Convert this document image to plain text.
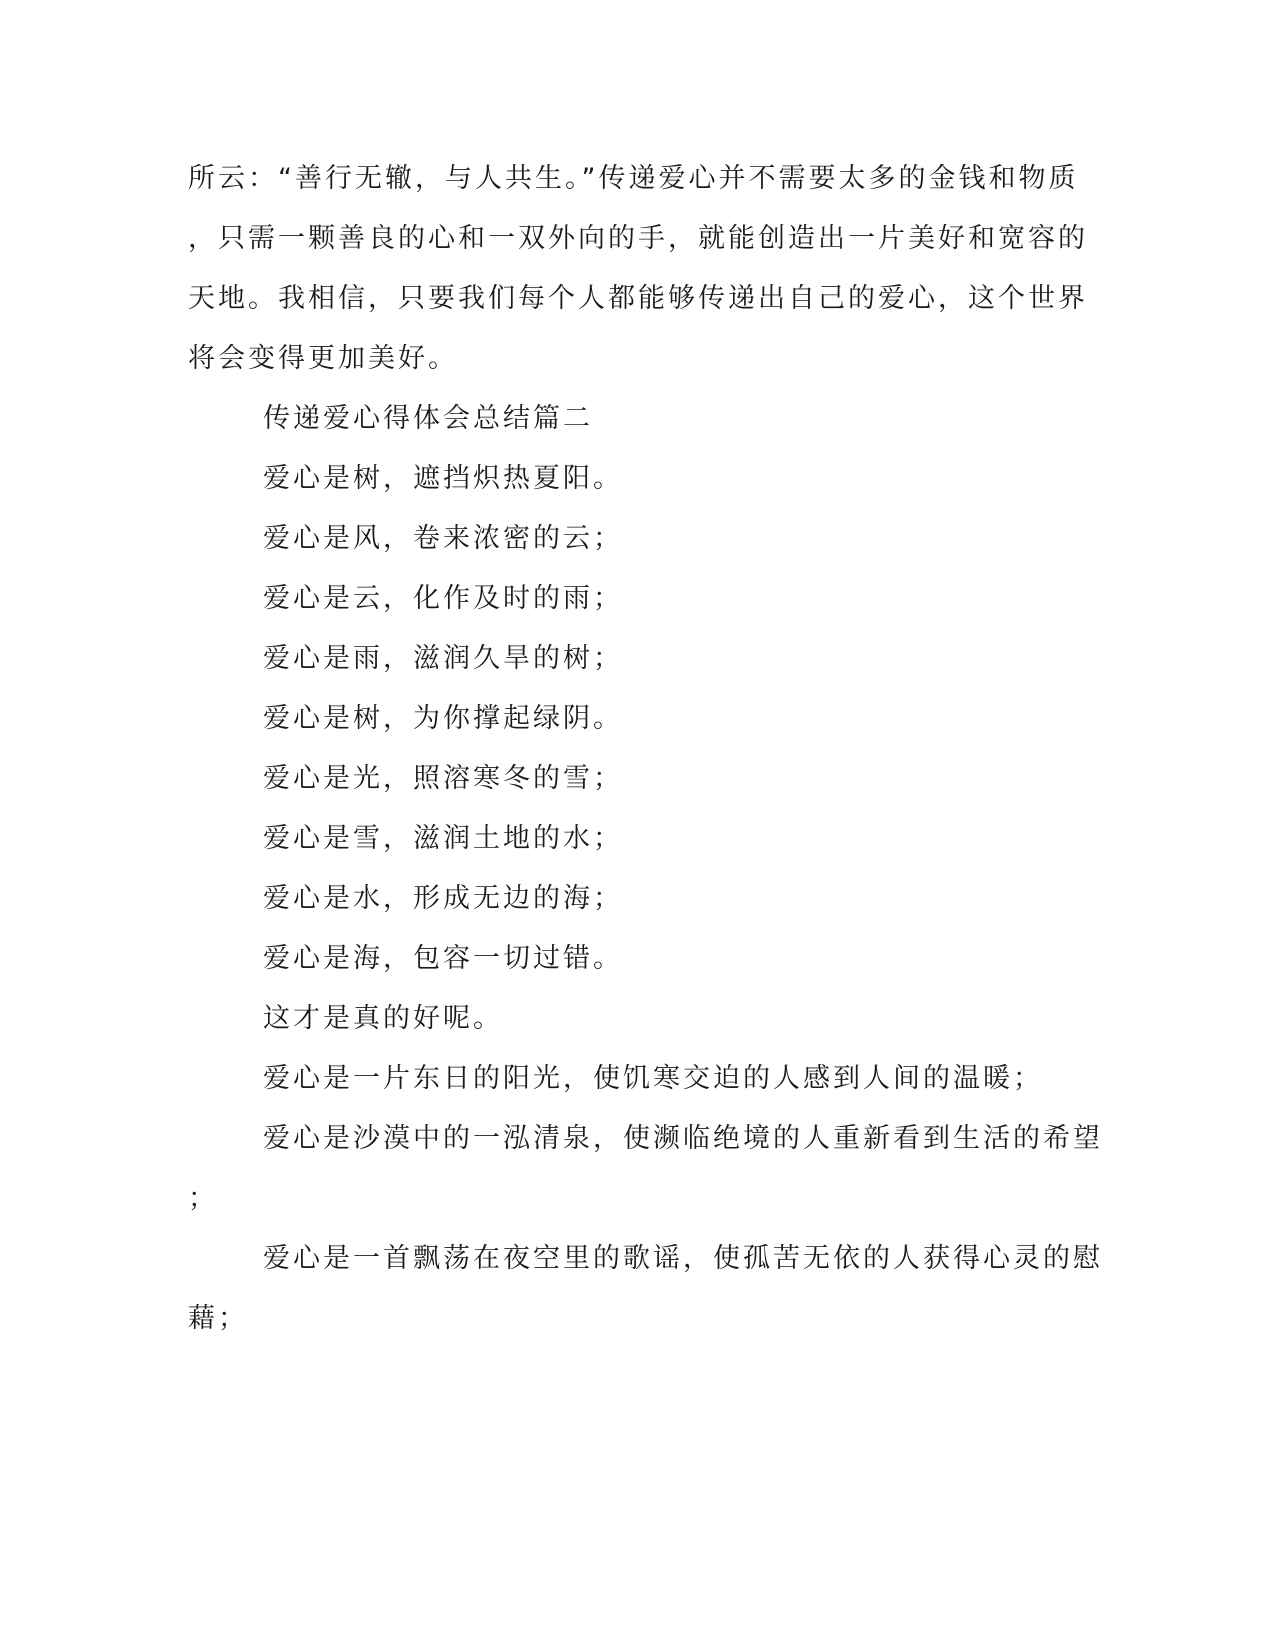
所云：“善行无辙，与人共生。”传递爱心并不需要太多的金钱和物质
，只需一颗善良的心和一双外向的手，就能创造出一片美好和宽容的
天地。我相信，只要我们每个人都能够传递出自己的爱心，这个世界
将会变得更加美好。
传递爱心得体会总结篇二
爱心是树，遮挡炽热夏阳。
爱心是风，卷来浓密的云；
爱心是云，化作及时的雨；
爱心是雨，滋润久旱的树；
爱心是树，为你撑起绿阴。
爱心是光，照溶寒冬的雪；
爱心是雪，滋润土地的水；
爱心是水，形成无边的海；
爱心是海，包容一切过错。
这才是真的好呢。
爱心是一片东日的阳光，使饥寒交迫的人感到人间的温暖；
爱心是沙漠中的一泓清泉，使濒临绝境的人重新看到生活的希望
；
爱心是一首飘荡在夜空里的歌谣，使孤苦无依的人获得心灵的慰
藉；
